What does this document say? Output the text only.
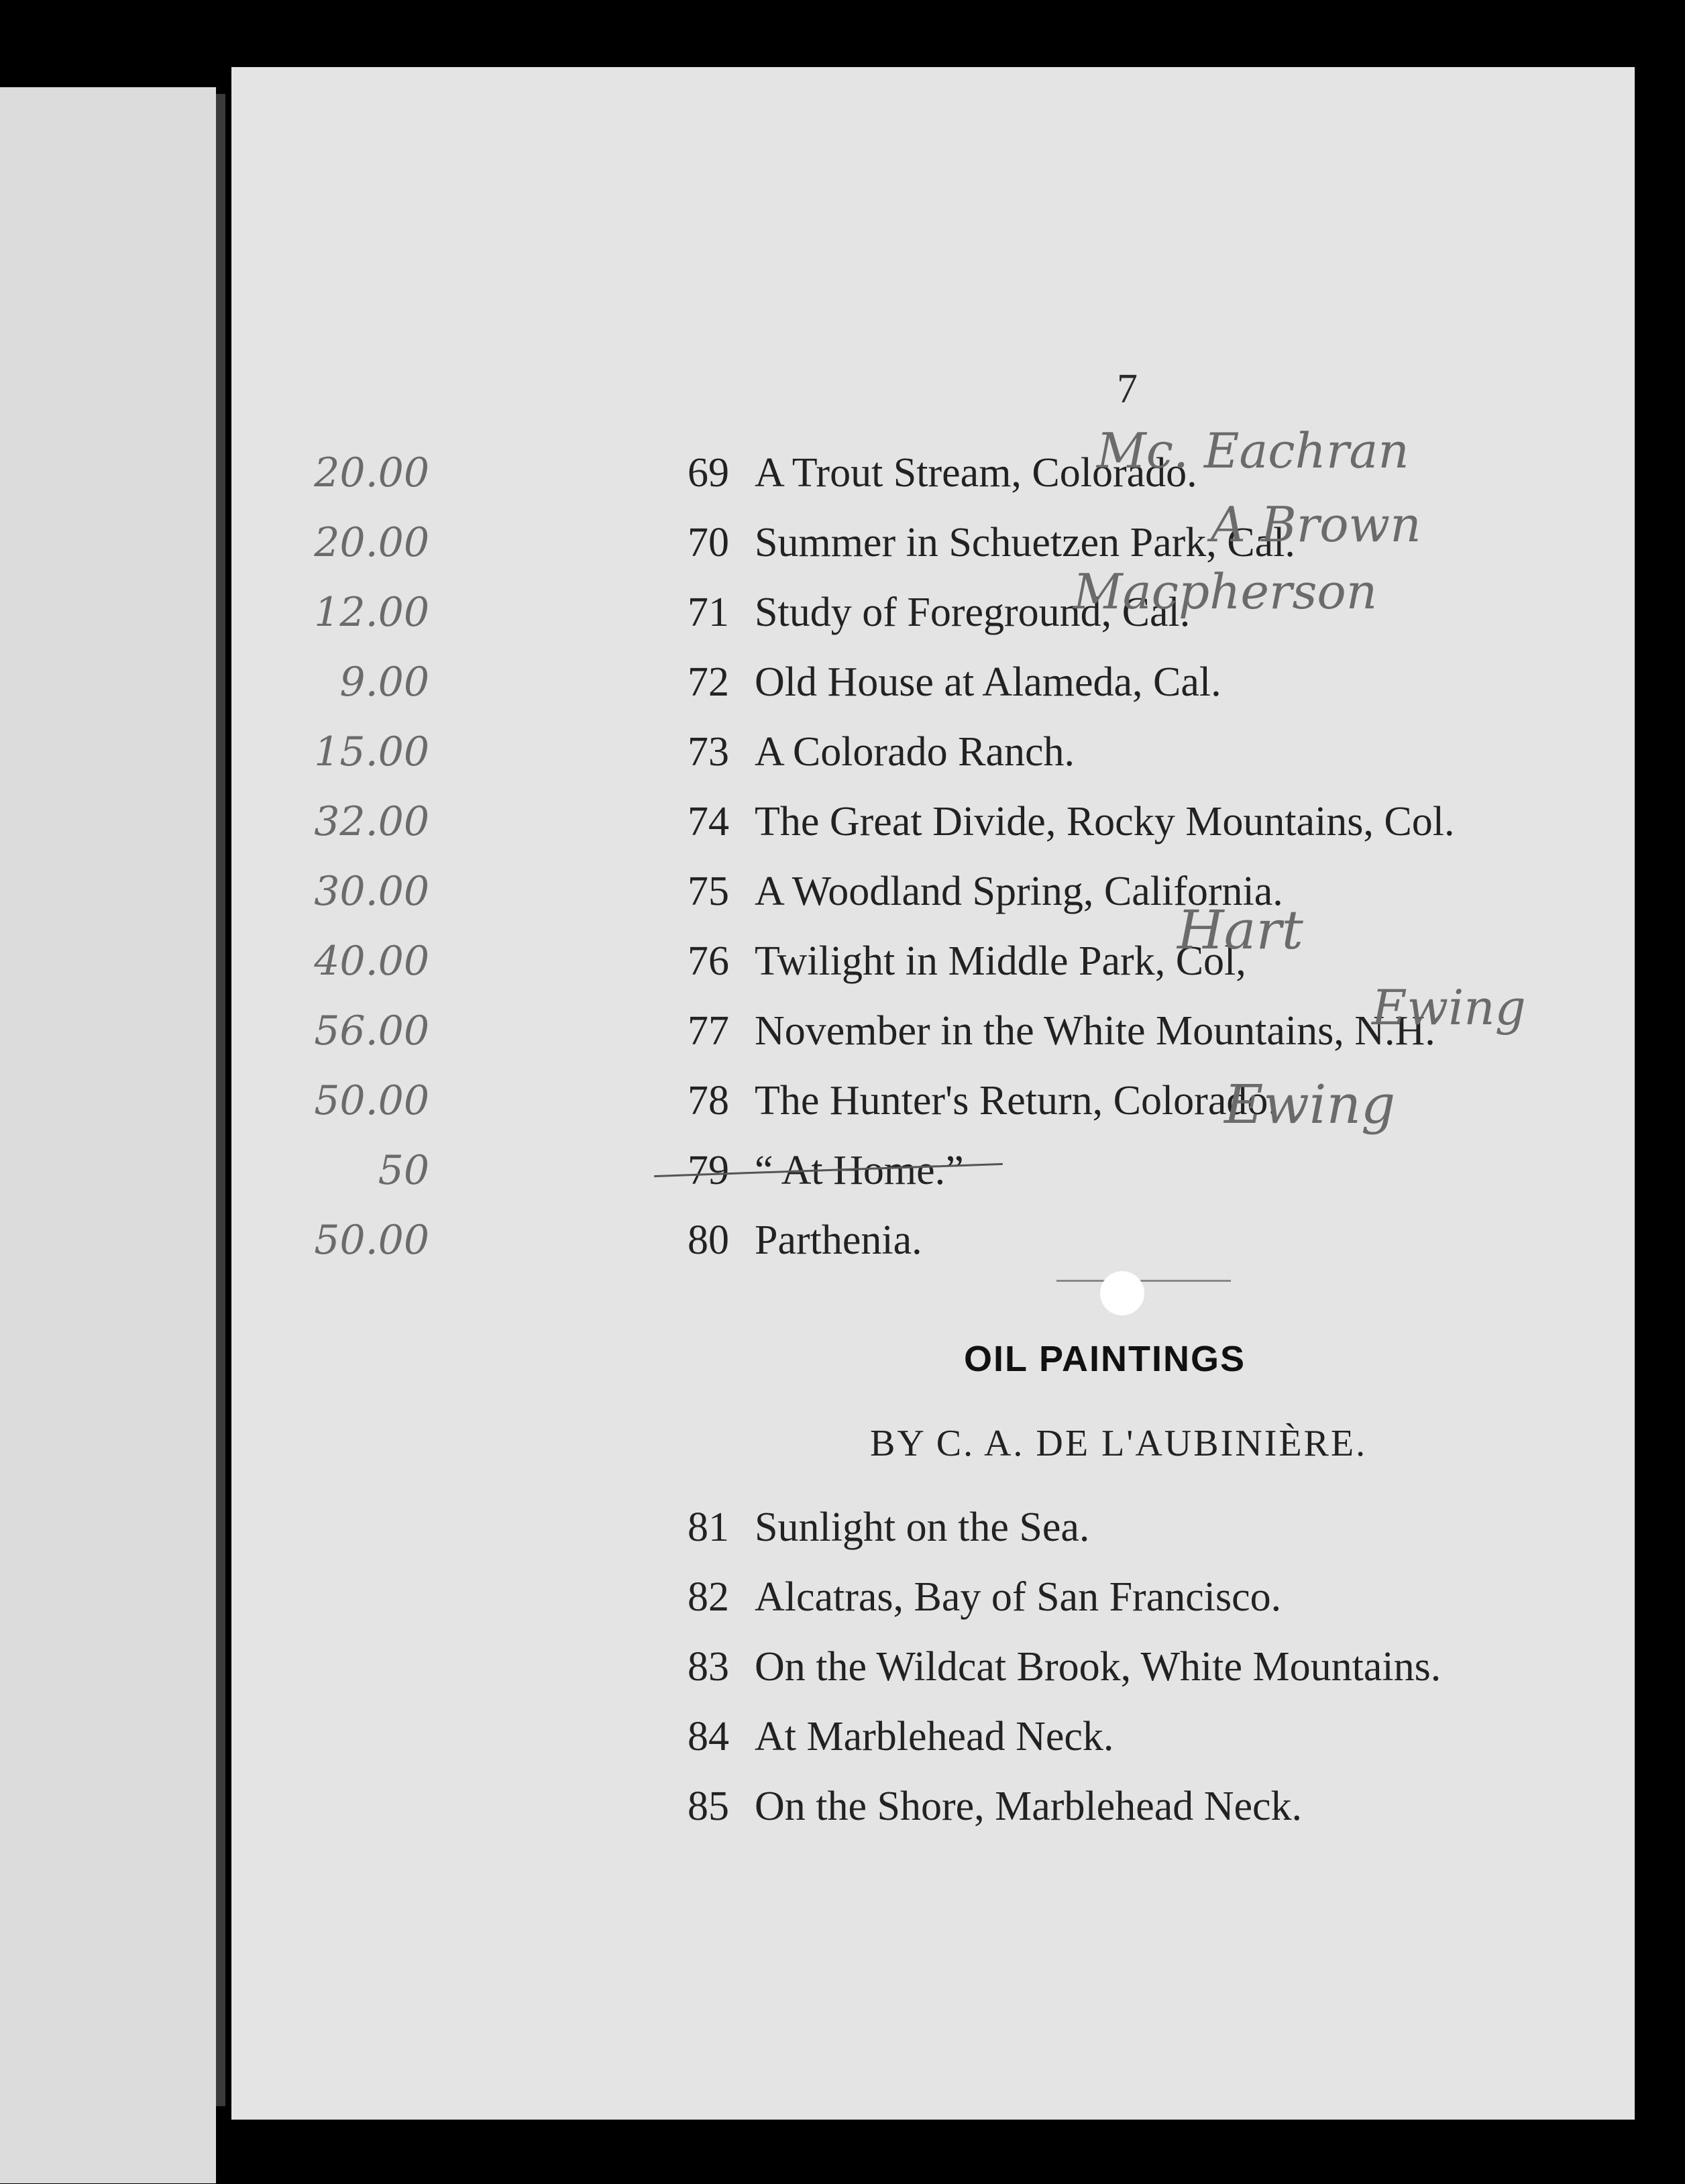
7
69 A Trout Stream, Colorado.
70 Summer in Schuetzen Park, Cal.
71 Study of Foreground, Cal.
72 Old House at Alameda, Cal.
73 A Colorado Ranch.
74 The Great Divide, Rocky Mountains, Col.
75 A Woodland Spring, California.
76 Twilight in Middle Park, Col,
77 November in the White Mountains, N.H.
78 The Hunter's Return, Colorado.
79 “ At Home.”
80 Parthenia.
OIL PAINTINGS
BY C. A. DE L'AUBINIÈRE.
81 Sunlight on the Sea.
82 Alcatras, Bay of San Francisco.
83 On the Wildcat Brook, White Mountains.
84 At Marblehead Neck.
85 On the Shore, Marblehead Neck.
20.00
20.00
12.00
9.00
15.00
32.00
30.00
40.00
56.00
50.00
50
50.00
Mc. Eachran
A Brown
Macpherson
Hart
Ewing
Ewing
